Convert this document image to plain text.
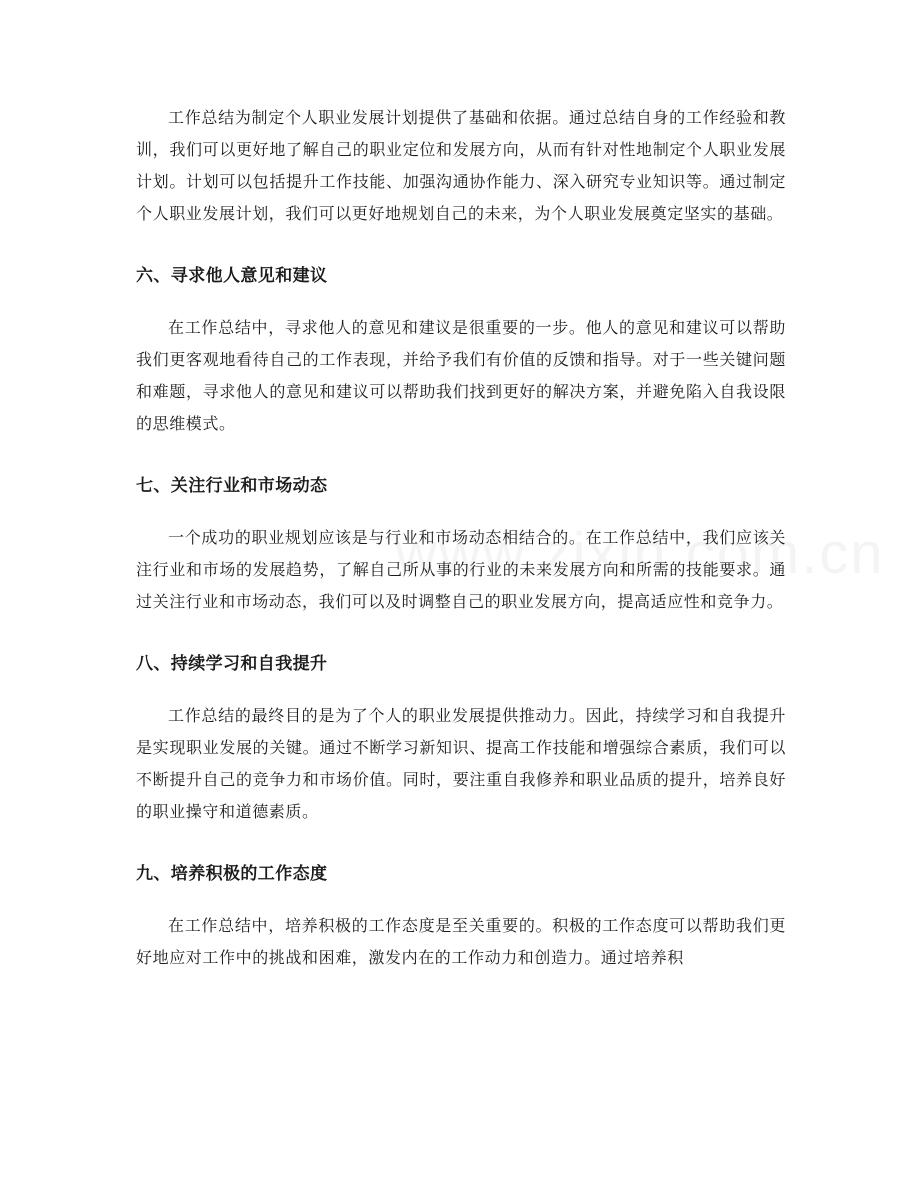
工作总结为制定个人职业发展计划提供了基础和依据。通过总结自身的工作经验和教训，我们可以更好地了解自己的职业定位和发展方向，从而有针对性地制定个人职业发展计划。计划可以包括提升工作技能、加强沟通协作能力、深入研究专业知识等。通过制定个人职业发展计划，我们可以更好地规划自己的未来，为个人职业发展奠定坚实的基础。

六、寻求他人意见和建议

在工作总结中，寻求他人的意见和建议是很重要的一步。他人的意见和建议可以帮助我们更客观地看待自己的工作表现，并给予我们有价值的反馈和指导。对于一些关键问题和难题，寻求他人的意见和建议可以帮助我们找到更好的解决方案，并避免陷入自我设限的思维模式。

七、关注行业和市场动态

一个成功的职业规划应该是与行业和市场动态相结合的。在工作总结中，我们应该关注行业和市场的发展趋势，了解自己所从事的行业的未来发展方向和所需的技能要求。通过关注行业和市场动态，我们可以及时调整自己的职业发展方向，提高适应性和竞争力。

八、持续学习和自我提升

工作总结的最终目的是为了个人的职业发展提供推动力。因此，持续学习和自我提升是实现职业发展的关键。通过不断学习新知识、提高工作技能和增强综合素质，我们可以不断提升自己的竞争力和市场价值。同时，要注重自我修养和职业品质的提升，培养良好的职业操守和道德素质。

九、培养积极的工作态度

在工作总结中，培养积极的工作态度是至关重要的。积极的工作态度可以帮助我们更好地应对工作中的挑战和困难，激发内在的工作动力和创造力。通过培养积
